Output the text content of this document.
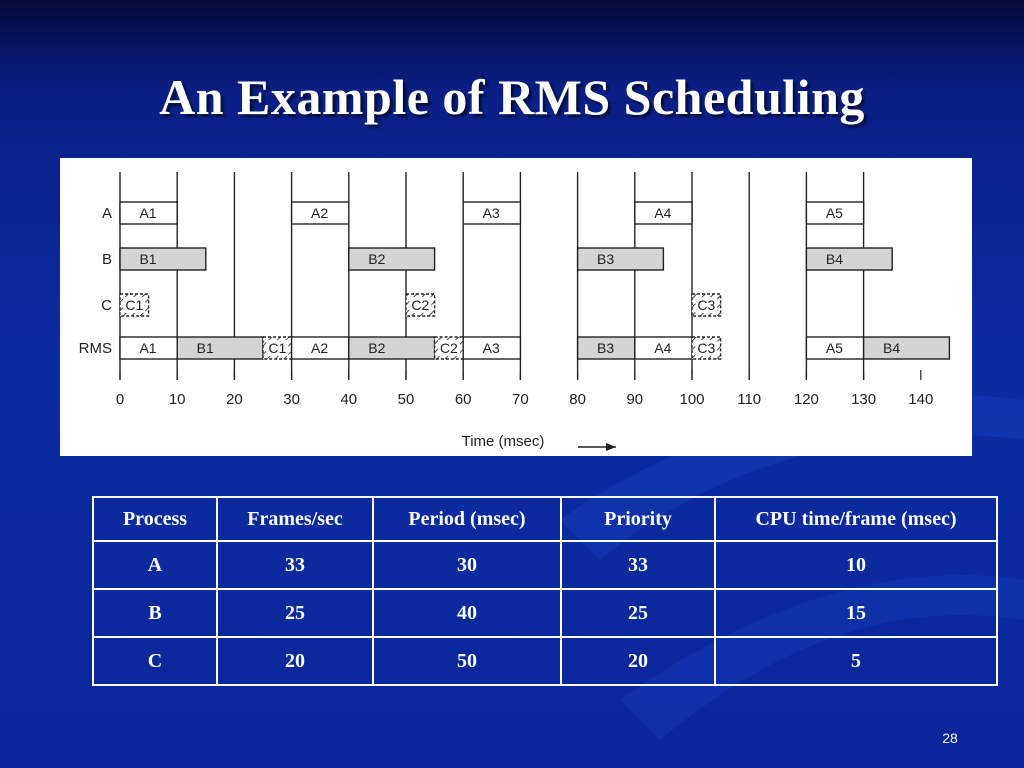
An Example of RMS Scheduling
A
B
C
RMS
A1	A2	A3	A4	A5
B1	B2	B3	B4
C1	C2	C3
A1	B1	C1 A2	B2	C2 A3	B3	A4 C3	A5	B4
0	10	20	30	40	50	60	70	80	90 100 110 120 130 140
Time (msec)
Process	Frames/sec	Period (msec)	Priority	CPU time/frame (msec)
A	33	30	33	10
B	25	40	25	15
C	20	50	20	5
28
